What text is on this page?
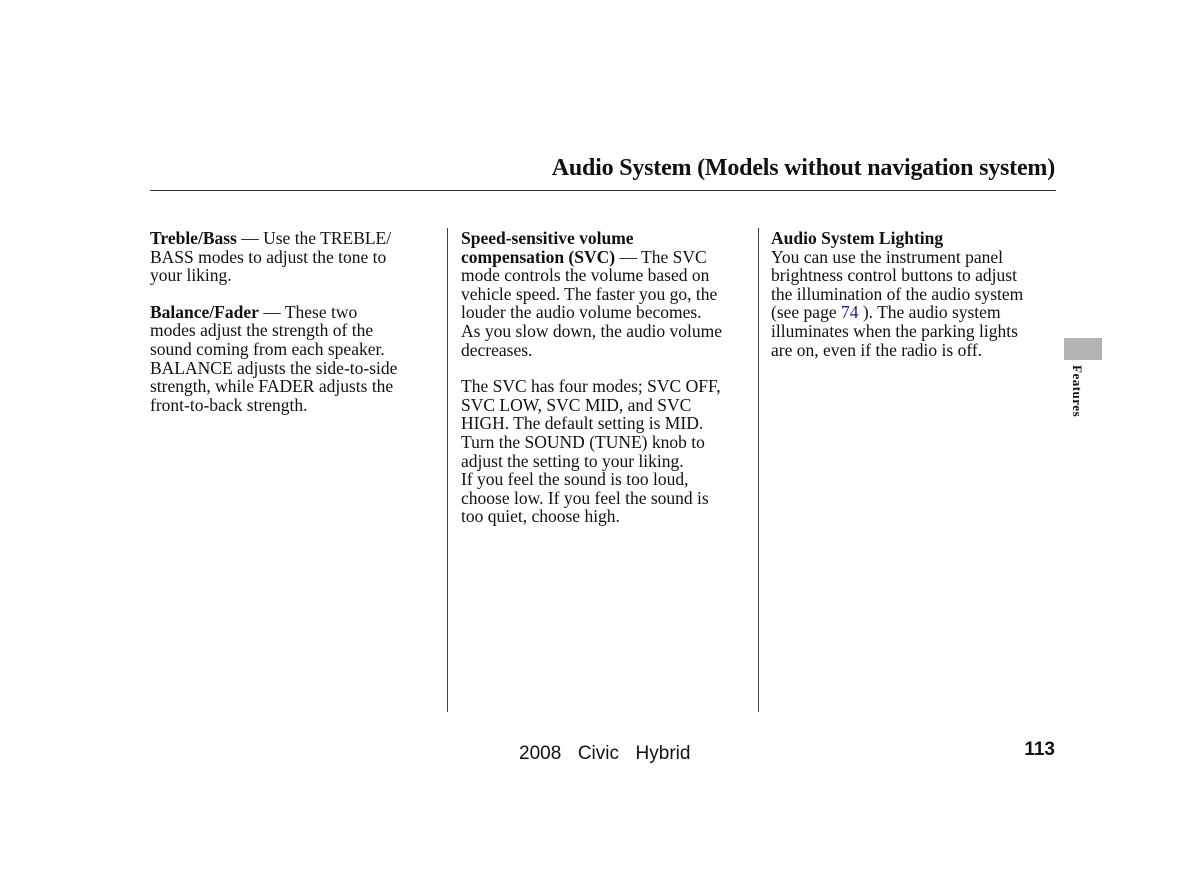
Audio System (Models without navigation system)

Treble/Bass — Use the TREBLE/
BASS modes to adjust the tone to
your liking.

Balance/Fader — These two
modes adjust the strength of the
sound coming from each speaker.
BALANCE adjusts the side-to-side
strength, while FADER adjusts the
front-to-back strength.

Speed-sensitive volume
compensation (SVC) — The SVC
mode controls the volume based on
vehicle speed. The faster you go, the
louder the audio volume becomes.
As you slow down, the audio volume
decreases.

The SVC has four modes; SVC OFF,
SVC LOW, SVC MID, and SVC
HIGH. The default setting is MID.
Turn the SOUND (TUNE) knob to
adjust the setting to your liking.
If you feel the sound is too loud,
choose low. If you feel the sound is
too quiet, choose high.

Audio System Lighting
You can use the instrument panel
brightness control buttons to adjust
the illumination of the audio system
(see page 74 ). The audio system
illuminates when the parking lights
are on, even if the radio is off.

Features
2008  Civic  Hybrid	113
